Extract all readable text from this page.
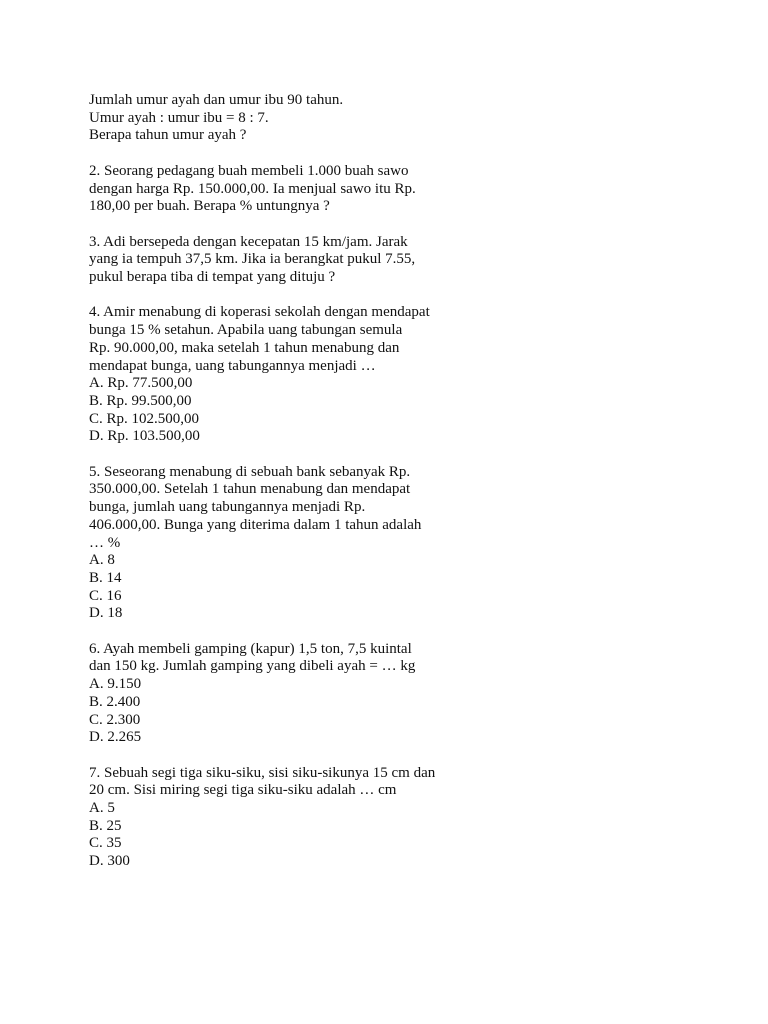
Jumlah umur ayah dan umur ibu 90 tahun.
Umur ayah : umur ibu = 8 : 7.
Berapa tahun umur ayah ?
2. Seorang pedagang buah membeli 1.000 buah sawo
dengan harga Rp. 150.000,00. Ia menjual sawo itu Rp.
180,00 per buah. Berapa % untungnya ?
3. Adi bersepeda dengan kecepatan 15 km/jam. Jarak
yang ia tempuh 37,5 km. Jika ia berangkat pukul 7.55,
pukul berapa tiba di tempat yang dituju ?
4. Amir menabung di koperasi sekolah dengan mendapat
bunga 15 % setahun. Apabila uang tabungan semula
Rp. 90.000,00, maka setelah 1 tahun menabung dan
mendapat bunga, uang tabungannya menjadi …
A. Rp. 77.500,00
B. Rp. 99.500,00
C. Rp. 102.500,00
D. Rp. 103.500,00
5. Seseorang menabung di sebuah bank sebanyak Rp.
350.000,00. Setelah 1 tahun menabung dan mendapat
bunga, jumlah uang tabungannya menjadi Rp.
406.000,00. Bunga yang diterima dalam 1 tahun adalah
… %
A. 8
B. 14
C. 16
D. 18
6. Ayah membeli gamping (kapur) 1,5 ton, 7,5 kuintal
dan 150 kg. Jumlah gamping yang dibeli ayah = … kg
A. 9.150
B. 2.400
C. 2.300
D. 2.265
7. Sebuah segi tiga siku-siku, sisi siku-sikunya 15 cm dan
20 cm. Sisi miring segi tiga siku-siku adalah … cm
A. 5
B. 25
C. 35
D. 300
